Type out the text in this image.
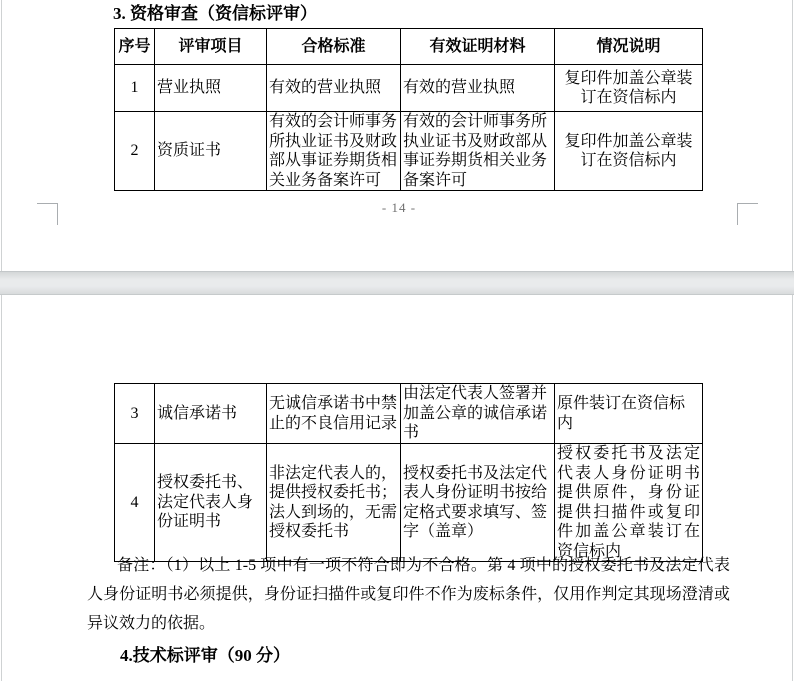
3. 资格审查（资信标评审）
序号	评审项目	合格标准	有效证明材料	情况说明
1	营业执照	有效的营业执照	有效的营业执照	复印件加盖公章装订在资信标内
2	资质证书	有效的会计师事务所执业证书及财政部从事证券期货相关业务备案许可	有效的会计师事务所执业证书及财政部从事证券期货相关业务备案许可	复印件加盖公章装订在资信标内
- 14 -
3	诚信承诺书	无诚信承诺书中禁止的不良信用记录	由法定代表人签署并加盖公章的诚信承诺书	原件装订在资信标内
4	授权委托书、法定代表人身份证明书	非法定代表人的，提供授权委托书；法人到场的，无需授权委托书	授权委托书及法定代表人身份证明书按给定格式要求填写、签字（盖章）	授权委托书及法定代表人身份证明书提供原件，身份证提供扫描件或复印件加盖公章装订在资信标内
备注：（1）以上 1-5 项中有一项不符合即为不合格。第 4 项中的授权委托书及法定代表人身份证明书必须提供，身份证扫描件或复印件不作为废标条件，仅用作判定其现场澄清或异议效力的依据。
4.技术标评审（90 分）
